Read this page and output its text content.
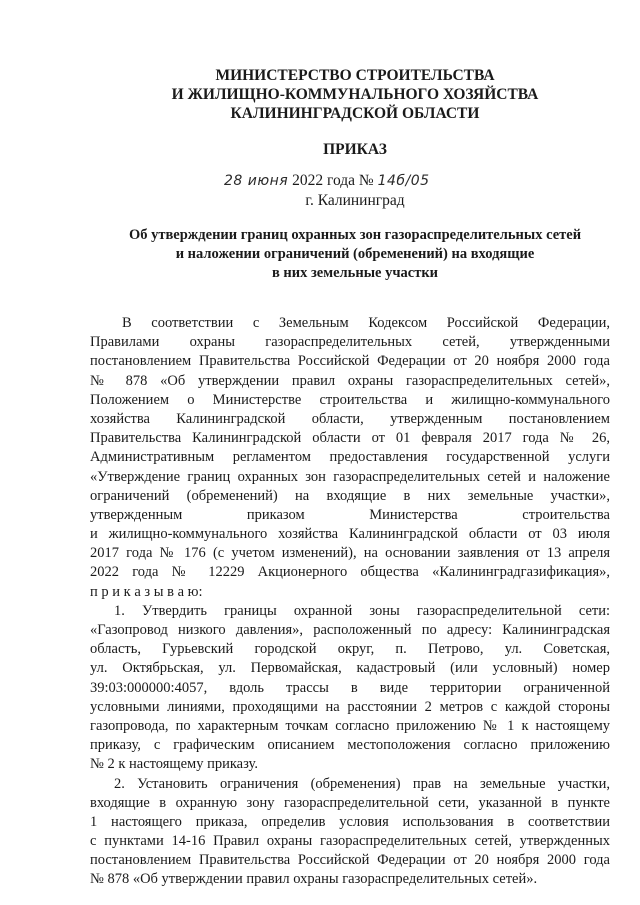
МИНИСТЕРСТВО СТРОИТЕЛЬСТВА
И ЖИЛИЩНО-КОММУНАЛЬНОГО ХОЗЯЙСТВА
КАЛИНИНГРАДСКОЙ ОБЛАСТИ
ПРИКАЗ
28 июня 2022 года № 14б/05
г. Калининград
Об утверждении границ охранных зон газораспределительных сетей
и наложении ограничений (обременений) на входящие
в них земельные участки
В соответствии с Земельным Кодексом Российской Федерации,
Правилами охраны газораспределительных сетей, утвержденными
постановлением Правительства Российской Федерации от 20 ноября 2000 года
№ 878 «Об утверждении правил охраны газораспределительных сетей»,
Положением о Министерстве строительства и жилищно-коммунального
хозяйства Калининградской области, утвержденным постановлением
Правительства Калининградской области от 01 февраля 2017 года № 26,
Административным регламентом предоставления государственной услуги
«Утверждение границ охранных зон газораспределительных сетей и наложение
ограничений (обременений) на входящие в них земельные участки»,
утвержденным приказом Министерства строительства
и жилищно-коммунального хозяйства Калининградской области от 03 июля
2017 года № 176 (с учетом изменений), на основании заявления от 13 апреля
2022 года № 12229 Акционерного общества «Калининградгазификация»,
п р и к а з ы в а ю:
1. Утвердить границы охранной зоны газораспределительной сети:
«Газопровод низкого давления», расположенный по адресу: Калининградская
область, Гурьевский городской округ, п. Петрово, ул. Советская,
ул. Октябрьская, ул. Первомайская, кадастровый (или условный) номер
39:03:000000:4057, вдоль трассы в виде территории ограниченной
условными линиями, проходящими на расстоянии 2 метров с каждой стороны
газопровода, по характерным точкам согласно приложению № 1 к настоящему
приказу, с графическим описанием местоположения согласно приложению
№ 2 к настоящему приказу.
2. Установить ограничения (обременения) прав на земельные участки,
входящие в охранную зону газораспределительной сети, указанной в пункте
1 настоящего приказа, определив условия использования в соответствии
с пунктами 14-16 Правил охраны газораспределительных сетей, утвержденных
постановлением Правительства Российской Федерации от 20 ноября 2000 года
№ 878 «Об утверждении правил охраны газораспределительных сетей».
